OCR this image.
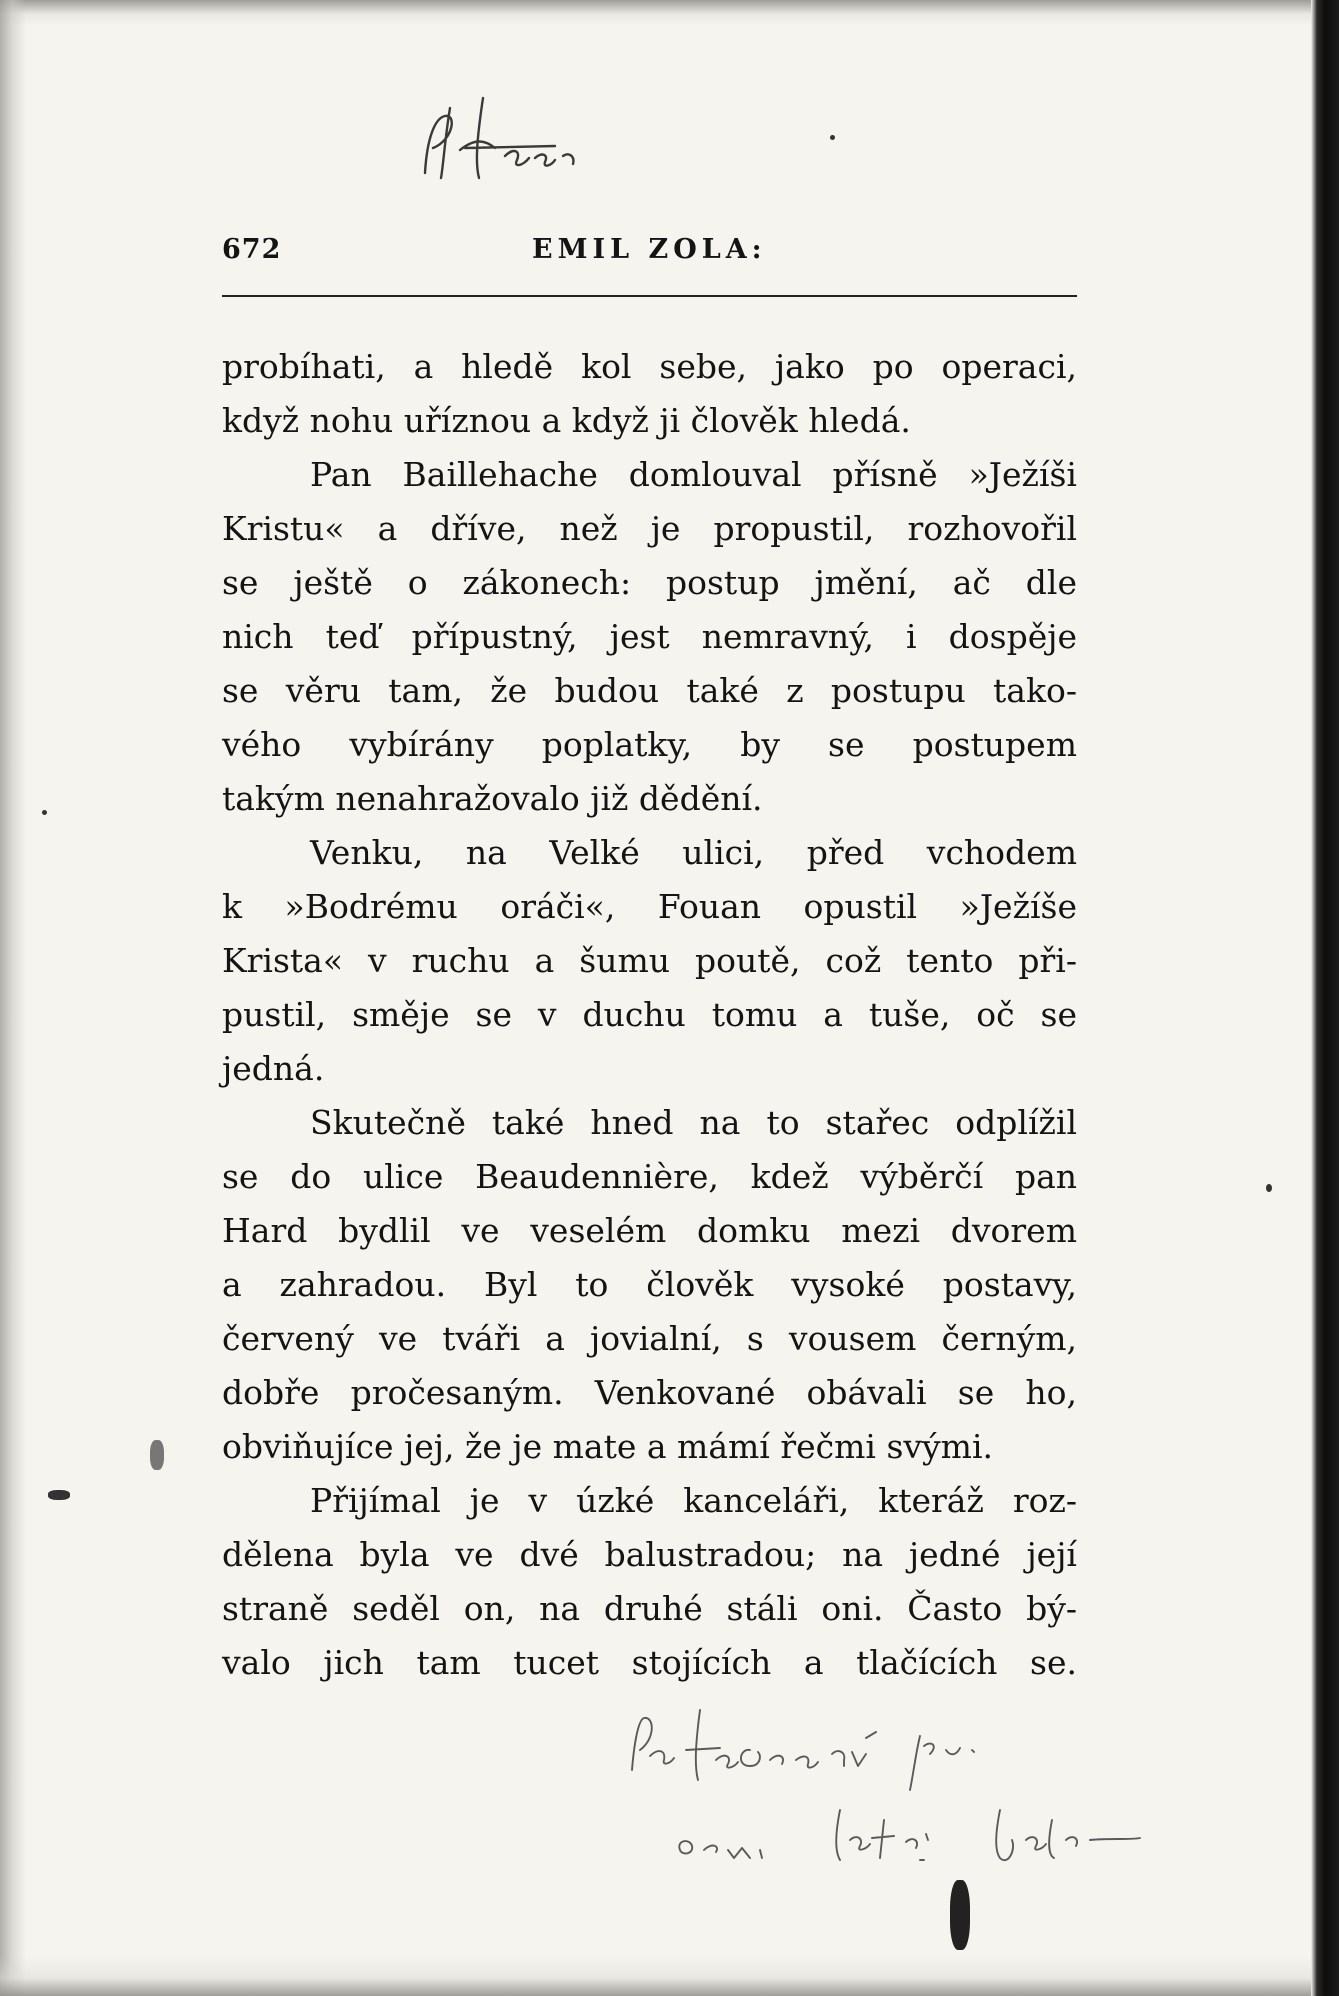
672	EMIL ZOLA:
probíhati, a hledě kol sebe, jako po operaci,
když nohu uříznou a když ji člověk hledá.
Pan Baillehache domlouval přísně »Ježíši
Kristu« a dříve, než je propustil, rozhovořil
se ještě o zákonech: postup jmění, ač dle
nich teď přípustný, jest nemravný, i dospěje
se věru tam, že budou také z postupu tako-
vého vybírány poplatky, by se postupem
takým nenahražovalo již dědění.
Venku, na Velké ulici, před vchodem
k »Bodrému oráči«, Fouan opustil »Ježíše
Krista« v ruchu a šumu poutě, což tento při-
pustil, směje se v duchu tomu a tuše, oč se
jedná.
Skutečně také hned na to stařec odplížil
se do ulice Beaudennière, kdež výběrčí pan
Hard bydlil ve veselém domku mezi dvorem
a zahradou. Byl to člověk vysoké postavy,
červený ve tváři a jovialní, s vousem černým,
dobře pročesaným. Venkované obávali se ho,
obviňujíce jej, že je mate a mámí řečmi svými.
Přijímal je v úzké kanceláři, kteráž roz-
dělena byla ve dvé balustradou; na jedné její
straně seděl on, na druhé stáli oni. Často bý-
valo jich tam tucet stojících a tlačících se.
